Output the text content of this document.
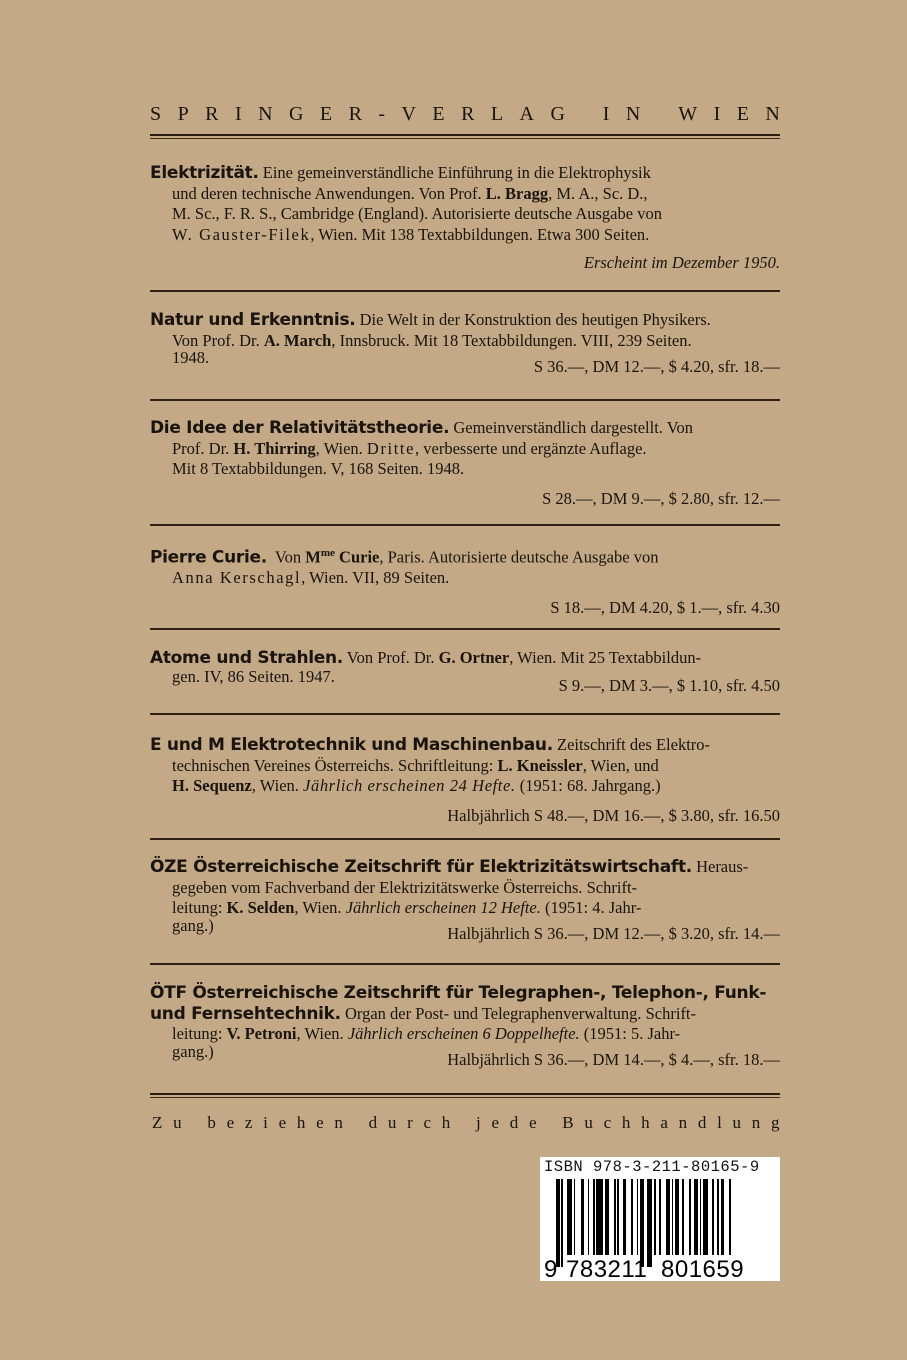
S P R I N G E R - V E R L A G
I N
W I E N
Elektrizität. Eine gemeinverständliche Einführung in die Elektrophysik
und deren technische Anwendungen. Von Prof. L. Bragg, M. A., Sc. D.,
M. Sc., F. R. S., Cambridge (England). Autorisierte deutsche Ausgabe von
W. Gauster-Filek, Wien. Mit 138 Textabbildungen. Etwa 300 Seiten.
Erscheint im Dezember 1950.
Natur und Erkenntnis. Die Welt in der Konstruktion des heutigen Physikers.
Von Prof. Dr. A. March, Innsbruck. Mit 18 Textabbildungen. VIII, 239 Seiten.
1948.	S 36.—, DM 12.—, $ 4.20, sfr. 18.—
Die Idee der Relativitätstheorie. Gemeinverständlich dargestellt. Von
Prof. Dr. H. Thirring, Wien. Dritte, verbesserte und ergänzte Auflage.
Mit 8 Textabbildungen. V, 168 Seiten. 1948.
S 28.—, DM 9.—, $ 2.80, sfr. 12.—
Pierre Curie. Von $M^{me}$ Curie, Paris. Autorisierte deutsche Ausgabe von
Anna Kerschagl, Wien. VII, 89 Seiten.
S 18.—, DM 4.20, $ 1.—, sfr. 4.30
Atome und Strahlen. Von Prof. Dr. G. Ortner, Wien. Mit 25 Textabbildun-
gen. IV, 86 Seiten. 1947.	S 9.—, DM 3.—, $ 1.10, sfr. 4.50
E und M Elektrotechnik und Maschinenbau. Zeitschrift des Elektro-
technischen Vereines Österreichs. Schriftleitung: L. Kneissler, Wien, und
H. Sequenz, Wien. Jährlich erscheinen 24 Hefte. (1951: 68. Jahrgang.)
Halbjährlich S 48.—, DM 16.—, $ 3.80, sfr. 16.50
ÖZE Österreichische Zeitschrift für Elektrizitätswirtschaft. Heraus-
gegeben vom Fachverband der Elektrizitätswerke Österreichs. Schrift-
leitung: K. Selden, Wien. Jährlich erscheinen 12 Hefte. (1951: 4. Jahr-
gang.)	Halbjährlich S 36.—, DM 12.—, $ 3.20, sfr. 14.—
ÖTF Österreichische Zeitschrift für Telegraphen-, Telephon-, Funk-
und Fernsehtechnik. Organ der Post- und Telegraphenverwaltung. Schrift-
leitung: V. Petroni, Wien. Jährlich erscheinen 6 Doppelhefte. (1951: 5. Jahr-
gang.)	Halbjährlich S 36.—, DM 14.—, $ 4.—, sfr. 18.—
Z u
b e z i e h e n
d u r c h
j e d e
B u c h h a n d l u n g
ISBN 978-3-211-80165-9
9 783211 801659
